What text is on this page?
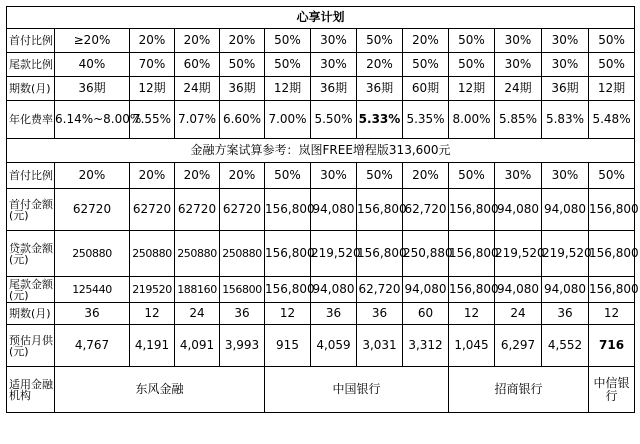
心享计划												
首付比例	≥20%	20%	20%	20%	50%	30%	50%	20%	50%	30%	30%	50%
尾款比例	40%	70%	60%	50%	50%	30%	20%	50%	50%	30%	30%	50%
期数(月)	36期	12期	24期	36期	12期	36期	36期	60期	12期	24期	36期	12期
年化费率	6.14%~8.00%	7.55%	7.07%	6.60%	7.00%	5.50%	5.33%	5.35%	8.00%	5.85%	5.83%	5.48%
金融方案试算参考：岚图FREE增程版313,600元												
首付比例	20%	20%	20%	20%	50%	30%	50%	20%	50%	30%	30%	50%
首付金额(元)	62720	62720	62720	62720	156,800	94,080	156,800	62,720	156,800	94,080	94,080	156,800
贷款金额(元)	250880	250880	250880	250880	156,800	219,520	156,800	250,880	156,800	219,520	219,520	156,800
尾款金额(元)	125440	219520	188160	156800	156,800	94,080	62,720	94,080	156,800	94,080	94,080	156,800
期数(月)	36	12	24	36	12	36	36	60	12	24	36	12
预估月供(元)	4,767	4,191	4,091	3,993	915	4,059	3,031	3,312	1,045	6,297	4,552	716
适用金融机构	东风金融				中国银行				招商银行			中信银行
